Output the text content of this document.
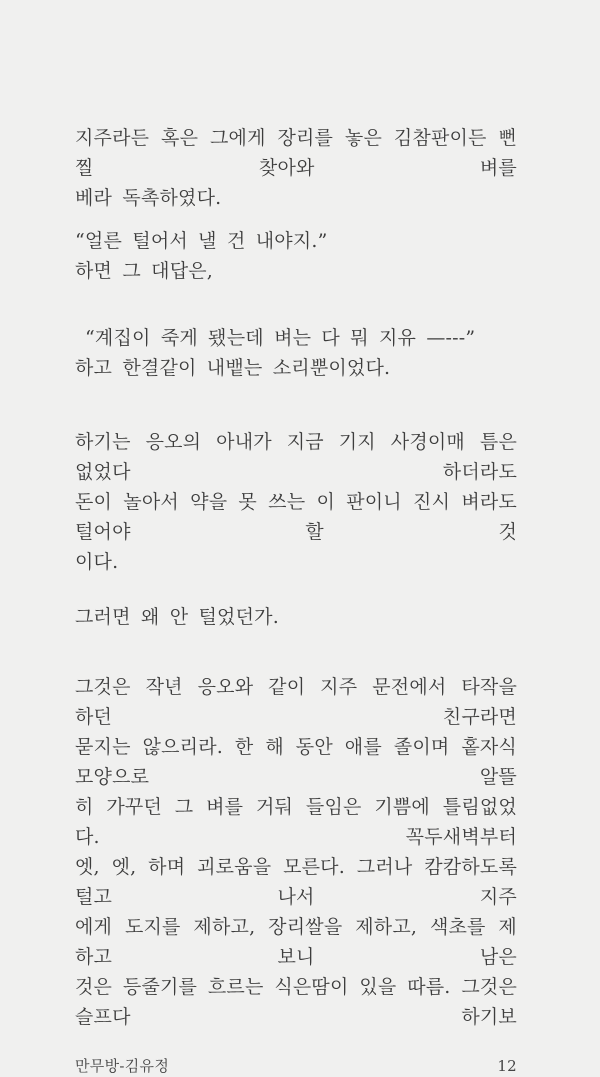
지주라든 혹은 그에게 장리를 놓은 김참판이든 뻔찔 찾아와 벼를
베라 독촉하였다.
“얼른 털어서 낼 건 내야지.”
하면 그 대답은,
“계집이 죽게 됐는데 벼는 다 뭐 지유 —---”
하고 한결같이 내뱉는 소리뿐이었다.
하기는 응오의 아내가 지금 기지 사경이매 틈은 없었다 하더라도
돈이 놀아서 약을 못 쓰는 이 판이니 진시 벼라도 털어야 할 것
이다.
그러면 왜 안 털었던가.
그것은 작년 응오와 같이 지주 문전에서 타작을 하던 친구라면
묻지는 않으리라. 한 해 동안 애를 졸이며 홑자식 모양으로 알뜰
히 가꾸던 그 벼를 거둬 들임은 기쁨에 틀림없었다. 꼭두새벽부터
엣, 엣, 하며 괴로움을 모른다. 그러나 캄캄하도록 털고 나서 지주
에게 도지를 제하고, 장리쌀을 제하고, 색초를 제하고 보니 남은
것은 등줄기를 흐르는 식은땀이 있을 따름. 그것은 슬프다 하기보
만무방-김유정	12
